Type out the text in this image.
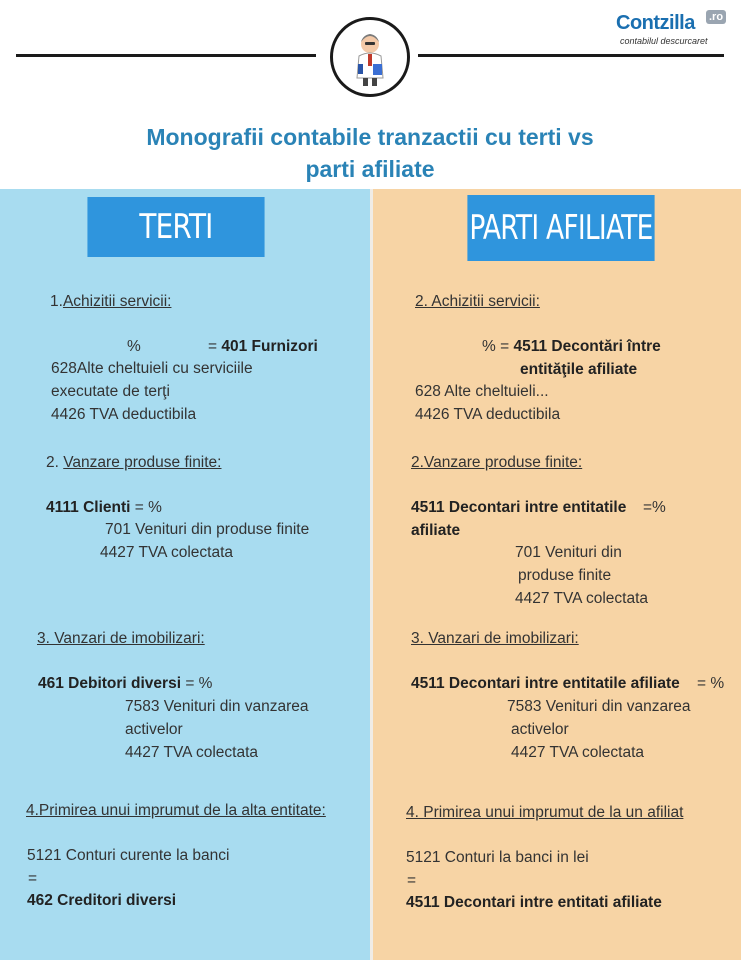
Contzilla .ro
contabilul descurcaret
Monografii contabile tranzactii cu terti vs
parti afiliate
TERTI	PARTI AFILIATE
1.Achizitii servicii:
%	= 401 Furnizori
628Alte cheltuieli cu serviciile
executate de terţi
4426 TVA deductibila
2. Vanzare produse finite:
4111 Clienti = %
701 Venituri din produse finite
4427 TVA colectata
3. Vanzari de imobilizari:
461 Debitori diversi = %
7583 Venituri din vanzarea
activelor
4427 TVA colectata
4.Primirea unui imprumut de la alta entitate:
5121 Conturi curente la banci
=
462 Creditori diversi
2. Achizitii servicii:
% = 4511 Decontări între
entităţile afiliate
628 Alte cheltuieli...
4426 TVA deductibila
2.Vanzare produse finite:
4511 Decontari intre entitatile =%
afiliate
701 Venituri din
produse finite
4427 TVA colectata
3. Vanzari de imobilizari:
4511 Decontari intre entitatile afiliate = %
7583 Venituri din vanzarea
activelor
4427 TVA colectata
4. Primirea unui imprumut de la un afiliat
5121 Conturi la banci in lei
=
4511 Decontari intre entitati afiliate
